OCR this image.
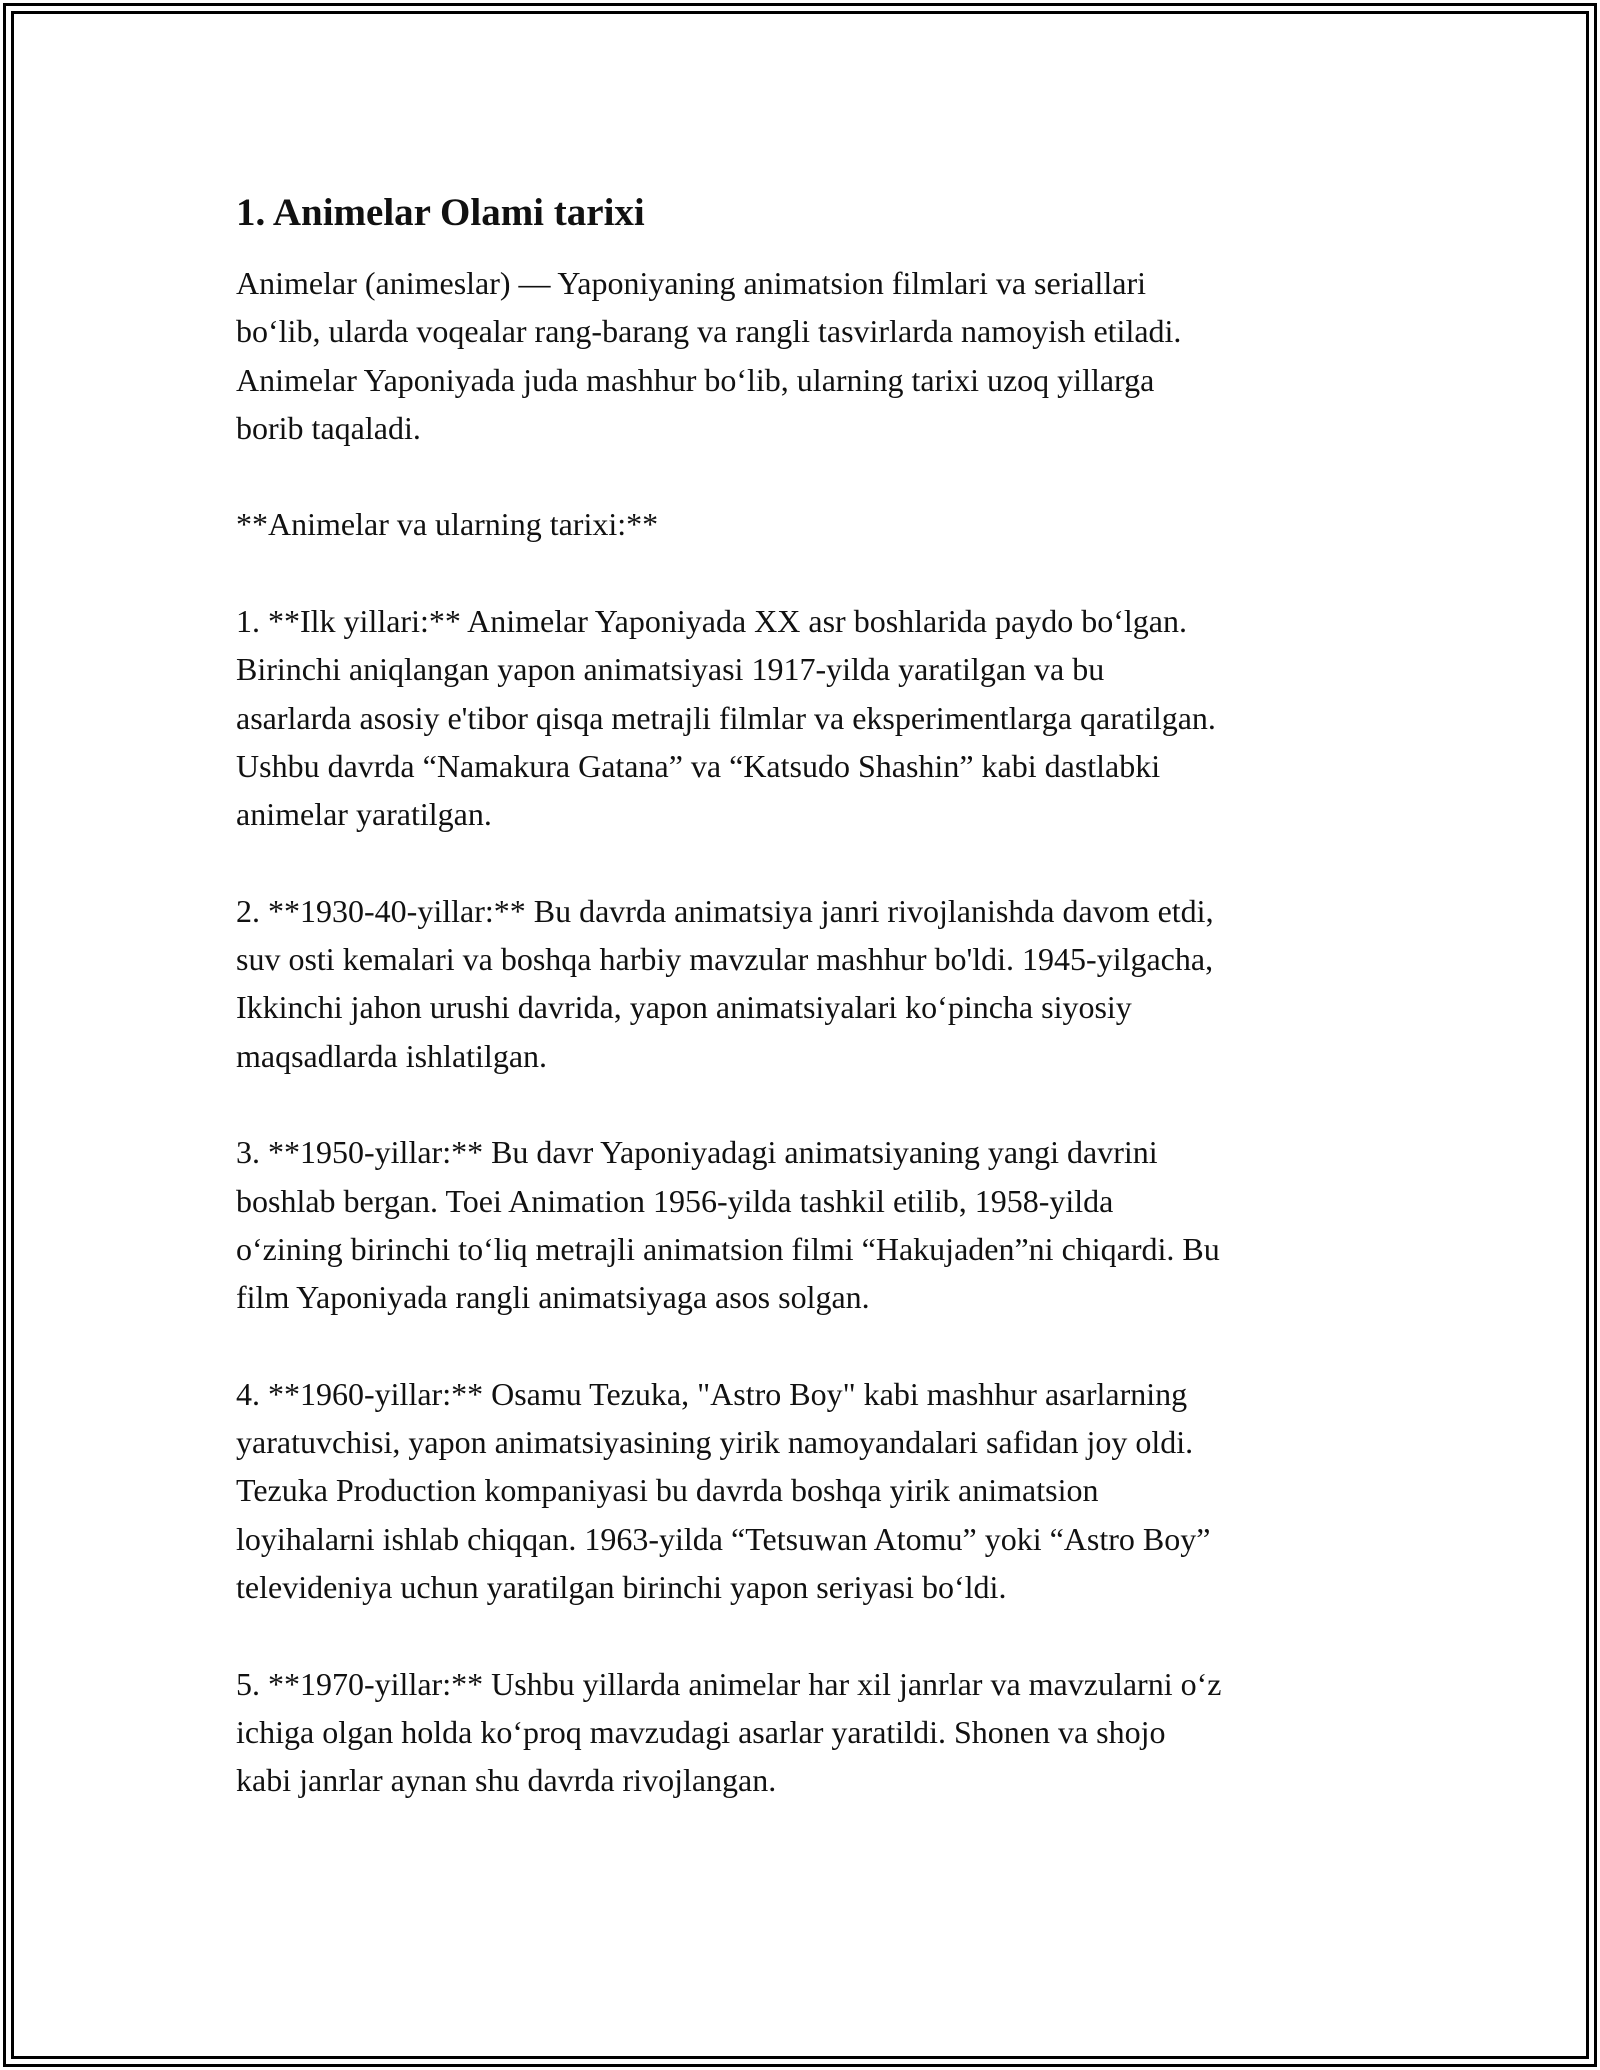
1. Animelar Olami tarixi

Animelar (animeslar) — Yaponiyaning animatsion filmlari va seriallari
bo‘lib, ularda voqealar rang-barang va rangli tasvirlarda namoyish etiladi.
Animelar Yaponiyada juda mashhur bo‘lib, ularning tarixi uzoq yillarga
borib taqaladi.

**Animelar va ularning tarixi:**

1. **Ilk yillari:** Animelar Yaponiyada XX asr boshlarida paydo bo‘lgan.
Birinchi aniqlangan yapon animatsiyasi 1917-yilda yaratilgan va bu
asarlarda asosiy e'tibor qisqa metrajli filmlar va eksperimentlarga qaratilgan.
Ushbu davrda “Namakura Gatana” va “Katsudo Shashin” kabi dastlabki
animelar yaratilgan.

2. **1930-40-yillar:** Bu davrda animatsiya janri rivojlanishda davom etdi,
suv osti kemalari va boshqa harbiy mavzular mashhur bo'ldi. 1945-yilgacha,
Ikkinchi jahon urushi davrida, yapon animatsiyalari ko‘pincha siyosiy
maqsadlarda ishlatilgan.

3. **1950-yillar:** Bu davr Yaponiyadagi animatsiyaning yangi davrini
boshlab bergan. Toei Animation 1956-yilda tashkil etilib, 1958-yilda
o‘zining birinchi to‘liq metrajli animatsion filmi “Hakujaden”ni chiqardi. Bu
film Yaponiyada rangli animatsiyaga asos solgan.

4. **1960-yillar:** Osamu Tezuka, "Astro Boy" kabi mashhur asarlarning
yaratuvchisi, yapon animatsiyasining yirik namoyandalari safidan joy oldi.
Tezuka Production kompaniyasi bu davrda boshqa yirik animatsion
loyihalarni ishlab chiqqan. 1963-yilda “Tetsuwan Atomu” yoki “Astro Boy”
televideniya uchun yaratilgan birinchi yapon seriyasi bo‘ldi.

5. **1970-yillar:** Ushbu yillarda animelar har xil janrlar va mavzularni o‘z
ichiga olgan holda ko‘proq mavzudagi asarlar yaratildi. Shonen va shojo
kabi janrlar aynan shu davrda rivojlangan.
